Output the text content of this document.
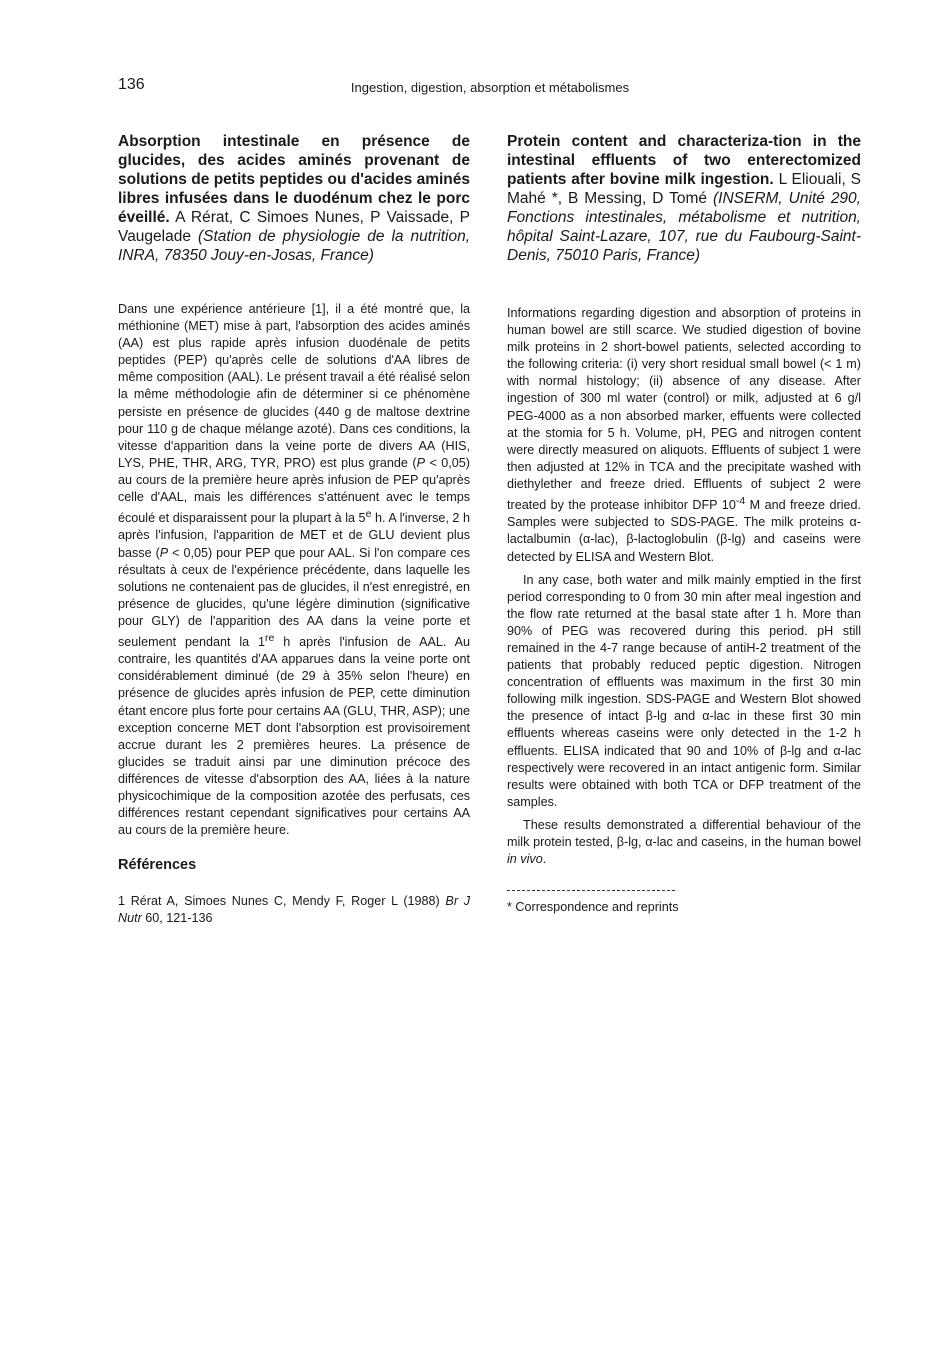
136	Ingestion, digestion, absorption et métabolismes

Absorption intestinale en présence de glucides, des acides aminés provenant de solutions de petits peptides ou d'acides aminés libres infusées dans le duodénum chez le porc éveillé. A Rérat, C Simoes Nunes, P Vaissade, P Vaugelade (Station de physiologie de la nutrition, INRA, 78350 Jouy-en-Josas, France)

Dans une expérience antérieure [1], il a été montré que, la méthionine (MET) mise à part, l'absorption des acides aminés (AA) est plus rapide après infusion duodénale de petits peptides (PEP) qu'après celle de solutions d'AA libres de même composition (AAL). Le présent travail a été réalisé selon la même méthodologie afin de déterminer si ce phénomène persiste en présence de glucides (440 g de maltose dextrine pour 110 g de chaque mélange azoté). Dans ces conditions, la vitesse d'apparition dans la veine porte de divers AA (HIS, LYS, PHE, THR, ARG, TYR, PRO) est plus grande (P < 0,05) au cours de la première heure après infusion de PEP qu'après celle d'AAL, mais les différences s'atténuent avec le temps écoulé et disparaissent pour la plupart à la 5e h. A l'inverse, 2 h après l'infusion, l'apparition de MET et de GLU devient plus basse (P < 0,05) pour PEP que pour AAL. Si l'on compare ces résultats à ceux de l'expérience précédente, dans laquelle les solutions ne contenaient pas de glucides, il n'est enregistré, en présence de glucides, qu'une légère diminution (significative pour GLY) de l'apparition des AA dans la veine porte et seulement pendant la 1re h après l'infusion de AAL. Au contraire, les quantités d'AA apparues dans la veine porte ont considérablement diminué (de 29 à 35% selon l'heure) en présence de glucides après infusion de PEP, cette diminution étant encore plus forte pour certains AA (GLU, THR, ASP); une exception concerne MET dont l'absorption est provisoirement accrue durant les 2 premières heures. La présence de glucides se traduit ainsi par une diminution précoce des différences de vitesse d'absorption des AA, liées à la nature physicochimique de la composition azotée des perfusats, ces différences restant cependant significatives pour certains AA au cours de la première heure.

Références

1 Rérat A, Simoes Nunes C, Mendy F, Roger L (1988) Br J Nutr 60, 121-136

Protein content and characteriza-tion in the intestinal effluents of two enterectomized patients after bovine milk ingestion. L Eliouali, S Mahé *, B Messing, D Tomé (INSERM, Unité 290, Fonctions intestinales, métabolisme et nutrition, hôpital Saint-Lazare, 107, rue du Faubourg-Saint-Denis, 75010 Paris, France)

Informations regarding digestion and absorption of proteins in human bowel are still scarce. We studied digestion of bovine milk proteins in 2 short-bowel patients, selected according to the following criteria: (i) very short residual small bowel (< 1 m) with normal histology; (ii) absence of any disease. After ingestion of 300 ml water (control) or milk, adjusted at 6 g/l PEG-4000 as a non absorbed marker, effuents were collected at the stomia for 5 h. Volume, pH, PEG and nitrogen content were directly measured on aliquots. Effluents of subject 1 were then adjusted at 12% in TCA and the precipitate washed with diethylether and freeze dried. Effluents of subject 2 were treated by the protease inhibitor DFP $10^{-4}$ M and freeze dried. Samples were subjected to SDS-PAGE. The milk proteins α-lactalbumin (α-lac), β-lactoglobulin (β-lg) and caseins were detected by ELISA and Western Blot.

In any case, both water and milk mainly emptied in the first period corresponding to 0 from 30 min after meal ingestion and the flow rate returned at the basal state after 1 h. More than 90% of PEG was recovered during this period. pH still remained in the 4-7 range because of antiH-2 treatment of the patients that probably reduced peptic digestion. Nitrogen concentration of effluents was maximum in the first 30 min following milk ingestion. SDS-PAGE and Western Blot showed the presence of intact β-lg and α-lac in these first 30 min effluents whereas caseins were only detected in the 1-2 h effluents. ELISA indicated that 90 and 10% of β-lg and α-lac respectively were recovered in an intact antigenic form. Similar results were obtained with both TCA or DFP treatment of the samples.

These results demonstrated a differential behaviour of the milk protein tested, β-lg, α-lac and caseins, in the human bowel in vivo.

* Correspondence and reprints
